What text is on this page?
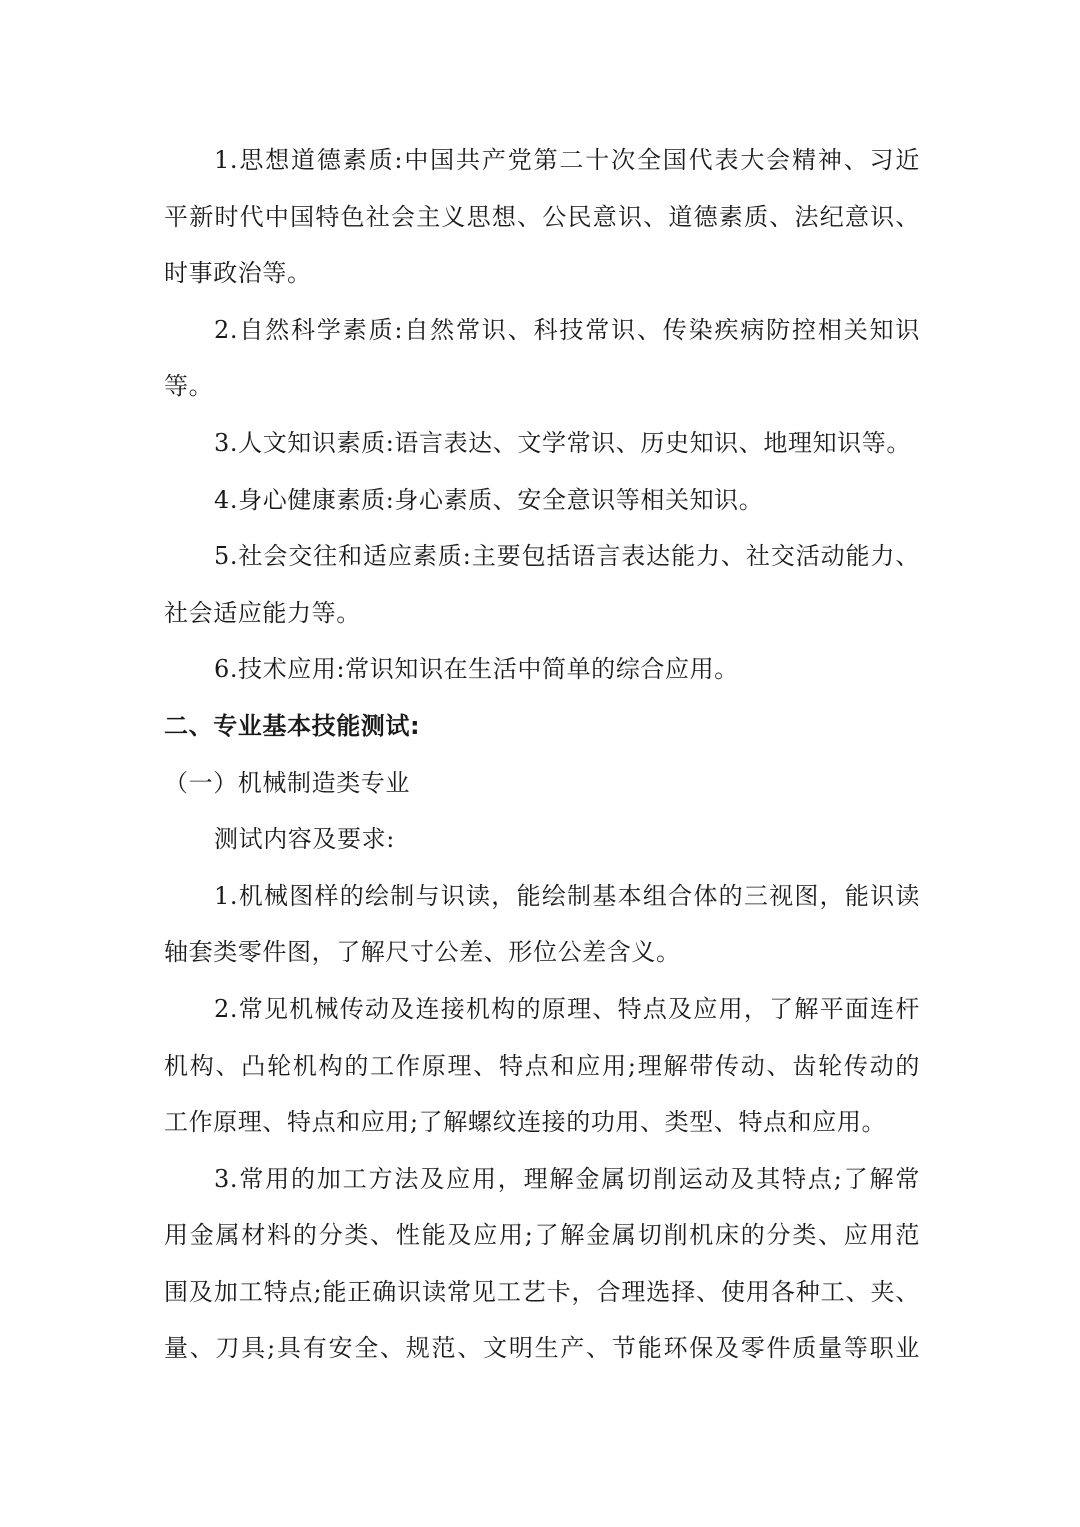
1.思想道德素质:中国共产党第二十次全国代表大会精神、习近
平新时代中国特色社会主义思想、公民意识、道德素质、法纪意识、
时事政治等。

2.自然科学素质:自然常识、科技常识、传染疾病防控相关知识
等。

3.人文知识素质:语言表达、文学常识、历史知识、地理知识等。

4.身心健康素质:身心素质、安全意识等相关知识。

5.社会交往和适应素质:主要包括语言表达能力、社交活动能力、
社会适应能力等。

6.技术应用:常识知识在生活中简单的综合应用。

二、专业基本技能测试:

（一）机械制造类专业

测试内容及要求:

1.机械图样的绘制与识读，能绘制基本组合体的三视图，能识读
轴套类零件图，了解尺寸公差、形位公差含义。

2.常见机械传动及连接机构的原理、特点及应用，了解平面连杆
机构、凸轮机构的工作原理、特点和应用;理解带传动、齿轮传动的
工作原理、特点和应用;了解螺纹连接的功用、类型、特点和应用。

3.常用的加工方法及应用，理解金属切削运动及其特点;了解常
用金属材料的分类、性能及应用;了解金属切削机床的分类、应用范
围及加工特点;能正确识读常见工艺卡，合理选择、使用各种工、夹、
量、刀具;具有安全、规范、文明生产、节能环保及零件质量等职业
